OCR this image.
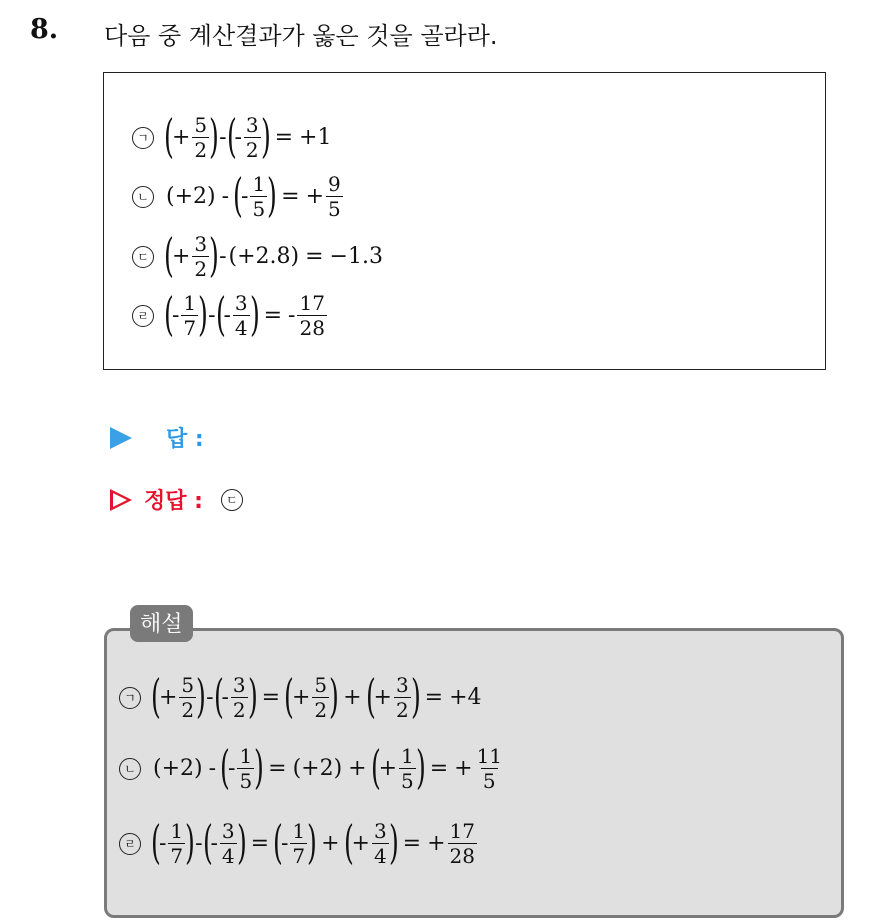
8. 다음 중 계산결과가 옳은 것을 골라라.
ㄱ (
+ $\frac{5}{2}$ ) - (
- $\frac{3}{2}$ ) = +1
ㄴ (+2) - (
- $\frac{1}{5}$ ) = + $\frac{9}{5}$
ㄷ (
+ $\frac{3}{2}$ ) - (+2.8) = −1.3
ㄹ (
- $\frac{1}{7}$ ) - (
- $\frac{3}{4}$ ) = - $\frac{17}{28}$
답 :
정답 :	ㄷ
ㄱ (
+ $\frac{5}{2}$ ) - (
- $\frac{3}{2}$ ) = (
+ $\frac{5}{2}$ ) + (
+ $\frac{3}{2}$ ) = +4
ㄴ (+2) - (
- $\frac{1}{5}$ ) = (+2) + (
+ $\frac{1}{5}$ ) = + $\frac{11}{5}$
ㄹ (
- $\frac{1}{7}$ ) - (
- $\frac{3}{4}$ ) = (
- $\frac{1}{7}$ ) + (
+ $\frac{3}{4}$ ) = + $\frac{17}{28}$
해설
